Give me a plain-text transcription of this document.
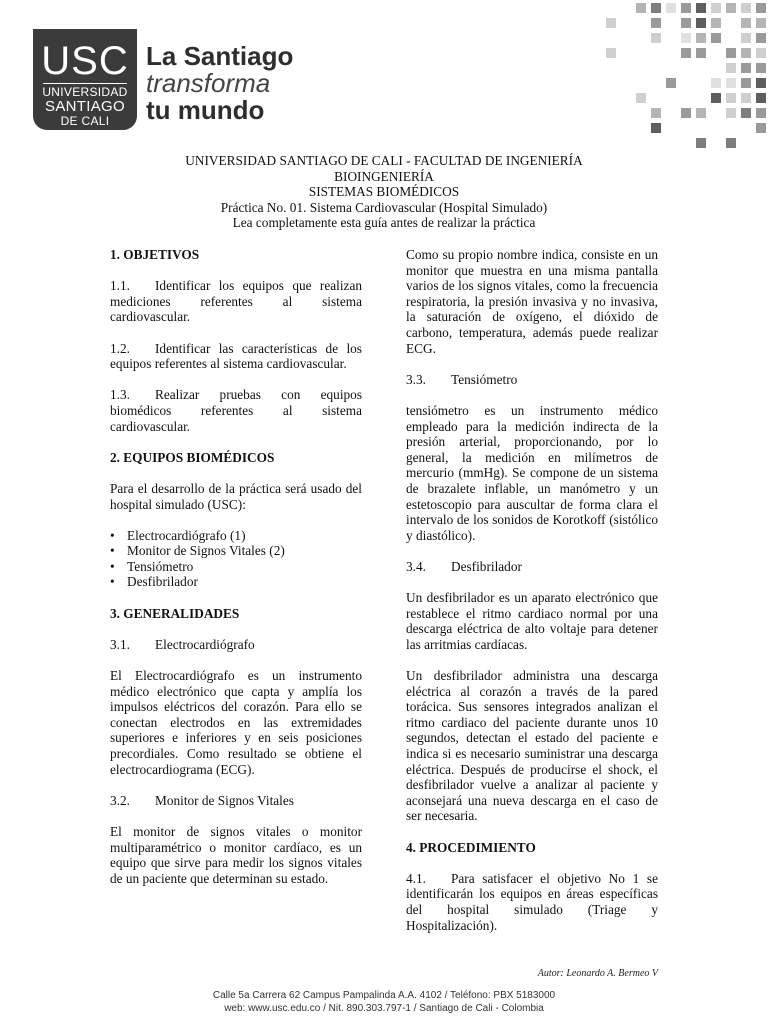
USC
UNIVERSIDAD
SANTIAGO
DE CALI
La Santiago
transforma
tu mundo
UNIVERSIDAD SANTIAGO DE CALI - FACULTAD DE INGENIERÍA
BIOINGENIERÍA
SISTEMAS BIOMÉDICOS
Práctica No. 01. Sistema Cardiovascular (Hospital Simulado)
Lea completamente esta guía antes de realizar la práctica
1. OBJETIVOS

1.1. Identificar los equipos que realizan mediciones referentes al sistema cardiovascular.

1.2. Identificar las características de los equipos referentes al sistema cardiovascular.

1.3. Realizar pruebas con equipos biomédicos referentes al sistema cardiovascular.

2. EQUIPOS BIOMÉDICOS

Para el desarrollo de la práctica será usado del hospital simulado (USC):

• Electrocardiógrafo (1)
• Monitor de Signos Vitales (2)
• Tensiómetro
• Desfibrilador
3. GENERALIDADES

3.1. Electrocardiógrafo

El Electrocardiógrafo es un instrumento médico electrónico que capta y amplía los impulsos eléctricos del corazón. Para ello se conectan electrodos en las extremidades superiores e inferiores y en seis posiciones precordiales. Como resultado se obtiene el electrocardiograma (ECG).

3.2. Monitor de Signos Vitales

El monitor de signos vitales o monitor multiparamétrico o monitor cardíaco, es un equipo que sirve para medir los signos vitales de un paciente que determinan su estado.

Como su propio nombre indica, consiste en un monitor que muestra en una misma pantalla varios de los signos vitales, como la frecuencia respiratoria, la presión invasiva y no invasiva, la saturación de oxígeno, el dióxido de carbono, temperatura, además puede realizar ECG.

3.3. Tensiómetro

tensiómetro es un instrumento médico empleado para la medición indirecta de la presión arterial, proporcionando, por lo general, la medición en milímetros de mercurio (mmHg). Se compone de un sistema de brazalete inflable, un manómetro y un estetoscopio para auscultar de forma clara el intervalo de los sonidos de Korotkoff (sistólico y diastólico).

3.4. Desfibrilador

Un desfibrilador es un aparato electrónico que restablece el ritmo cardiaco normal por una descarga eléctrica de alto voltaje para detener las arritmias cardíacas.

Un desfibrilador administra una descarga eléctrica al corazón a través de la pared torácica. Sus sensores integrados analizan el ritmo cardiaco del paciente durante unos 10 segundos, detectan el estado del paciente e indica si es necesario suministrar una descarga eléctrica. Después de producirse el shock, el desfibrilador vuelve a analizar al paciente y aconsejará una nueva descarga en el caso de ser necesaria.

4. PROCEDIMIENTO

4.1. Para satisfacer el objetivo No 1 se identificarán los equipos en áreas específicas del hospital simulado (Triage y Hospitalización).

Autor: Leonardo A. Bermeo V
Calle 5a Carrera 62 Campus Pampalinda A.A. 4102 / Teléfono: PBX 5183000
web: www.usc.edu.co / Nit. 890.303.797-1 / Santiago de Cali - Colombia
